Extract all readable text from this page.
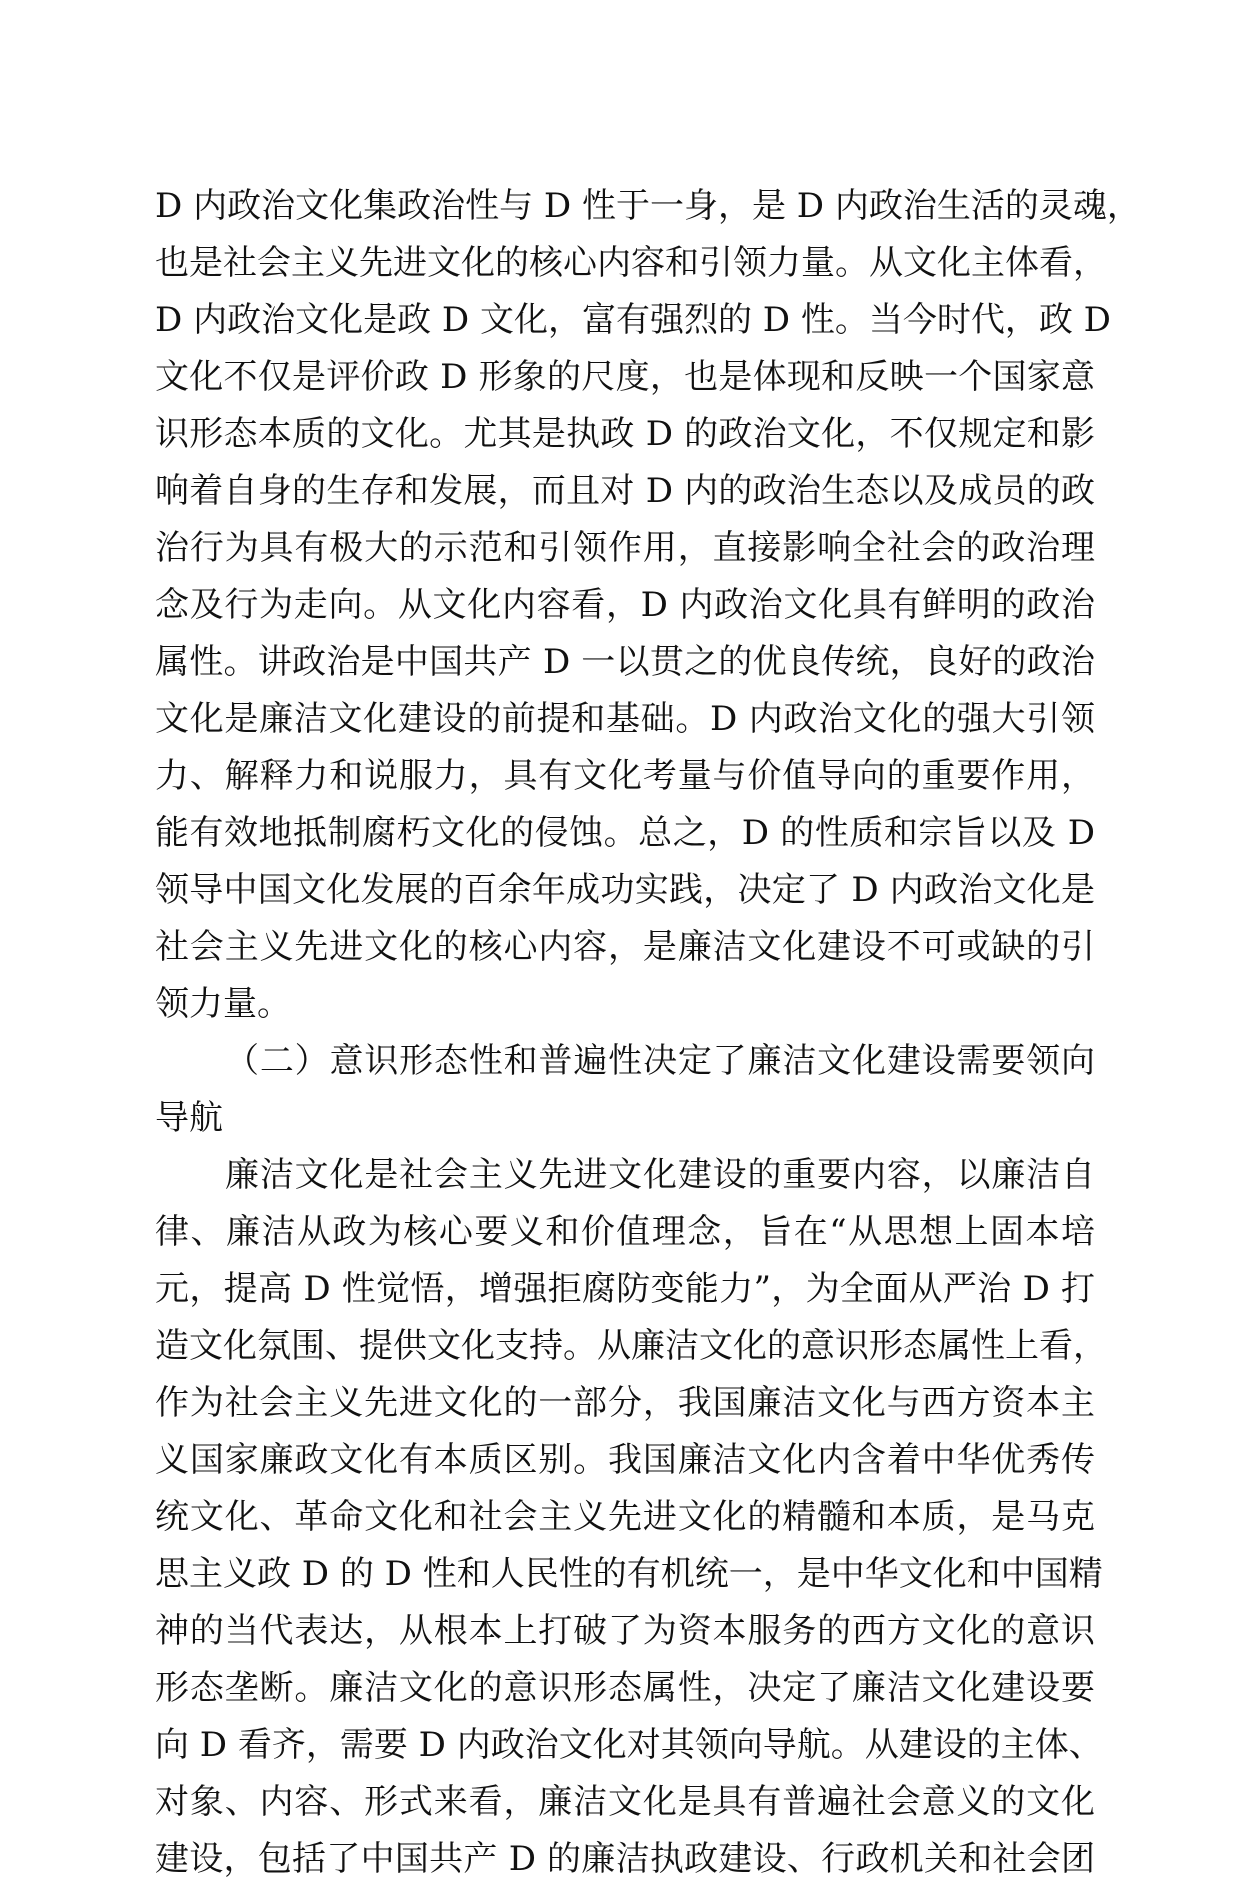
D 内政治文化集政治性与 D 性于一身，是 D 内政治生活的灵魂，
也是社会主义先进文化的核心内容和引领力量。从文化主体看，
D 内政治文化是政 D 文化，富有强烈的 D 性。当今时代，政 D
文化不仅是评价政 D 形象的尺度，也是体现和反映一个国家意
识形态本质的文化。尤其是执政 D 的政治文化，不仅规定和影
响着自身的生存和发展，而且对 D 内的政治生态以及成员的政
治行为具有极大的示范和引领作用，直接影响全社会的政治理
念及行为走向。从文化内容看，D 内政治文化具有鲜明的政治
属性。讲政治是中国共产 D 一以贯之的优良传统，良好的政治
文化是廉洁文化建设的前提和基础。D 内政治文化的强大引领
力、解释力和说服力，具有文化考量与价值导向的重要作用，
能有效地抵制腐朽文化的侵蚀。总之，D 的性质和宗旨以及 D
领导中国文化发展的百余年成功实践，决定了 D 内政治文化是
社会主义先进文化的核心内容，是廉洁文化建设不可或缺的引
领力量。
（二）意识形态性和普遍性决定了廉洁文化建设需要领向
导航
廉洁文化是社会主义先进文化建设的重要内容，以廉洁自
律、廉洁从政为核心要义和价值理念，旨在“从思想上固本培
元，提高 D 性觉悟，增强拒腐防变能力”，为全面从严治 D 打
造文化氛围、提供文化支持。从廉洁文化的意识形态属性上看，
作为社会主义先进文化的一部分，我国廉洁文化与西方资本主
义国家廉政文化有本质区别。我国廉洁文化内含着中华优秀传
统文化、革命文化和社会主义先进文化的精髓和本质，是马克
思主义政 D 的 D 性和人民性的有机统一，是中华文化和中国精
神的当代表达，从根本上打破了为资本服务的西方文化的意识
形态垄断。廉洁文化的意识形态属性，决定了廉洁文化建设要
向 D 看齐，需要 D 内政治文化对其领向导航。从建设的主体、
对象、内容、形式来看，廉洁文化是具有普遍社会意义的文化
建设，包括了中国共产 D 的廉洁执政建设、行政机关和社会团
